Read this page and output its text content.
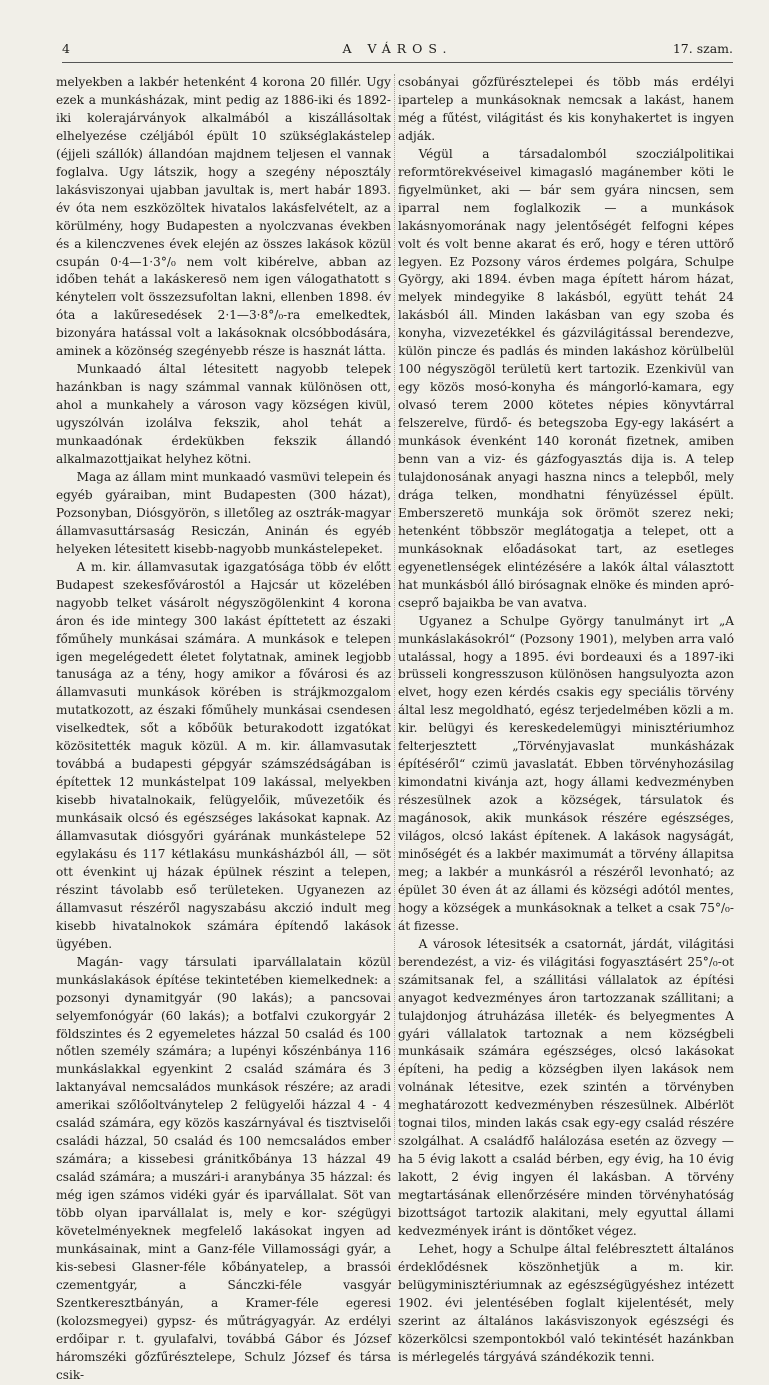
4	A VÁROS.	17. szam.

melyekben a lakbér hetenként 4 korona 20 fillér. Ugy ezek a munkásházak, mint pedig az 1886-iki és 1892-iki kolerajárványok alkalmából a kiszállásoltak elhelyezése czéljából épült 10 szükséglakástelep (éjjeli szállók) állandóan majdnem teljesen el vannak foglalva. Ugy látszik, hogy a szegény néposztály lakásviszonyai ujabban javultak is, mert habár 1893. év óta nem eszközöltek hivatalos lakásfelvételt, az a körülmény, hogy Budapesten a nyolczvanas években és a kilenczvenes évek elején az összes lakások közül csupán 0·4—1·3°/₀ nem volt kibérelve, abban az időben tehát a lakáskeresö nem igen válogathatott s kényteleп volt összezsufoltan lakni, ellenben 1898. év óta a lakűresedések 2·1—3·8°/₀-ra emelkedtek, bizonyára hatással volt a lakásoknak olcsóbbodására, aminek a közönség szegényebb része is hasznát látta.

Munkaadó által létesitett nagyobb telepek hazánkban is nagy számmal vannak különösen ott, ahol a munkahely a városon vagy községen kivül, ugyszólván izolálva fekszik, ahol tehát a munkaadónak érdekükben fekszik állandó alkalmazottjaikat helyhez kötni.

Maga az állam mint munkaadó vasmüvi telepein és egyéb gyáraiban, mint Budapesten (300 házat), Pozsonyban, Diósgyörön, s illetőleg az osztrák-magyar államvasuttársaság Resiczán, Aninán és egyéb helyeken létesitett kisebb-nagyobb munkástelepeket.

A m. kir. államvasutak igazgatósága több év előtt Budapest szekesfővárostól a Hajcsár ut közelében nagyobb telket vásárolt négyszögölenkint 4 korona áron és ide mintegy 300 lakást építtetett az északi főműhely munkásai számára. A munkások e telepen igen megelégedett életet folytatnak, aminek legjobb tanusága az a tény, hogy amikor a fővárosi és az államvasuti munkások körében is strájkmozgalom mutatkozott, az északi főműhely munkásai csendesen viselkedtek, sőt a kőbőük beturakodott izgatókat közösitették maguk közül. A m. kir. államvasutak továbbá a budapesti gépgyár számszédságában is építettek 12 munkástelpat 109 lakással, melyekben kisebb hivatalnokaik, felügyelőik, művezetőik és munkásaik olcsó és egészséges lakásokat kapnak. Az államvasutak diósgyőri gyárának munkástelepe 52 egylakásu és 117 kétlakásu munkásházból áll, — söt ott évenkint uj házak épülnek részint a telepen, részint távolabb eső területeken. Ugyanezen az államvasut részéről nagyszabásu akczió indult meg kisebb hivatalnokok számára építendő lakások ügyében.

Magán- vagy társulati iparvállalatain közül munkáslakások építése tekintetében kiemelkednek: a pozsonyi dynamitgyár (90 lakás); a pancsovai selyemfonógyár (60 lakás); a botfalvi czukorgyár 2 földszintes és 2 egyemeletes házzal 50 család és 100 nőtlen személy számára; a lupényi kőszénbánya 116 munkáslakkal egyenkint 2 család számára és 3 laktanyával nemcsaládos munkások részére; az aradi amerikai szőlőoltványtelep 2 felügyelői házzal 4 - 4 család számára, egy közös kaszárnyával és tisztviselői családi házzal, 50 család és 100 nemcsaládos ember számára; a kissebesi gránitkőbánya 13 házzal 49 család számára; a muszári-i aranybánya 35 házzal: és még igen számos vidéki gyár és iparvállalat. Söt van több olyan iparvállalat is, mely e kor- szégügyi követelményeknek megfelelő lakásokat ingyen ad munkásainak, mint a Ganz-féle Villamossági gyár, a kis-sebesi Glasner-féle kőbányatelep, a brassói czementgyár, a Sánczki-féle vasgyár Szentkeresztbányán, a Kramer-féle egeresi (kolozsmegyei) gypsz- és műtrágyagyár. Az erdélyi erdőipar r. t. gyulafalvi, továbbá Gábor és József háromszéki gőzfűrésztelepe, Schulz József és társa csik-

csobányai gőzfürésztelepei és több más erdélyi ipartelep a munkásoknak nemcsak a lakást, hanem még a fűtést, világitást és kis konyhakertet is ingyen adják.

Végül a társadalomból szocziálpolitikai reformtörekvéseivel kimagasló magánember köti le figyelmünket, aki — bár sem gyára nincsen, sem iparral nem foglalkozik — a munkások lakásnyomorának nagy jelentőségét felfogni képes volt és volt benne akarat és erő, hogy e téren uttörő legyen. Ez Pozsony város érdemes polgára, Schulpe György, aki 1894. évben maga épített három házat, melyek mindegyike 8 lakásból, együtt tehát 24 lakásból áll. Minden lakásban van egy szoba és konyha, vizvezetékkel és gázvilágitással berendezve, külön pincze és padlás és minden lakáshoz körülbelül 100 négyszögöl területü kert tartozik. Ezenkivül van egy közös mosó-konyha és mángorló-kamara, egy olvasó terem 2000 kötetes népies könyvtárral felszerelve, fürdő- és betegszoba Egy-egy lakásért a munkások évenként 140 koronát fizetnek, amiben benn van a viz- és gázfogyasztás dija is. A telep tulajdonosának anyagi haszna nincs a telepből, mely drága telken, mondhatni fényüzéssel épült. Emberszeretö munkája sok örömöt szerez neki; hetenként többször meglátogatja a telepet, ott a munkásoknak előadásokat tart, az esetleges egyenetlenségek elintézésére a lakók által választott hat munkásból álló birósagnak elnöke és minden apró-cseprő bajaikba be van avatva.

Ugyanez a Schulpe György tanulmányt irt „A munkáslakásokról“ (Pozsony 1901), melyben arra való utalással, hogy a 1895. évi bordeauxi és a 1897-iki brüsseli kongresszuson különösen hangsulyozta azon elvet, hogy ezen kérdés csakis egy speciális törvény által lesz megoldható, egész terjedelmében közli a m. kir. belügyi és kereskedelemügyi minisztériumhoz felterjesztett „Törvényjavaslat munkásházak építéséről“ czimü javaslatát. Ebben törvényhozásilag kimondatni kivánja azt, hogy állami kedvezményben részesülnek azok a községek, társulatok és magánosok, akik munkások részére egészséges, világos, olcsó lakást építenek. A lakások nagyságát, minőségét és a lakbér maximumát a törvény állapitsa meg; a lakbér a munkásról a részéről levonható; az épület 30 éven át az állami és községi adótól mentes, hogy a községek a munkásoknak a telket a csak 75°/₀-át fizesse.

A városok létesitsék a csatornát, járdát, világitási berendezést, a viz- és világitási fogyasztásért 25°/₀-ot számitsanak fel, a szállitási vállalatok az építési anyagot kedvezményes áron tartozzanak szállitani; a tulajdonjog átruházása illeték- és belyegmentes A gyári vállalatok tartoznak a nem községbeli munkásaik számára egészséges, olcsó lakásokat építeni, ha pedig a községben ilyen lakások nem volnának létesitve, ezek szintén a törvényben meghatározott kedvezményben részesülnek. Albérlöt tognai tilos, minden lakás csak egy-egy család részére szolgálhat. A családfő halálozása esetén az özvegy — ha 5 évig lakott a család bérben, egy évig, ha 10 évig lakott, 2 évig ingyen él lakásban. A törvény megtartásának ellenőrzésére minden törvényhatóság bizottságot tartozik alakitani, mely egyuttal állami kedvezmények iránt is döntőket végez.

Lehet, hogy a Schulpe által felébresztett általános érdeklődésnek köszönhetjük a m. kir. belügyminisztériumnak az egészségügyéshez intézett 1902. évi jelentésében foglalt kijelentését, mely szerint az általános lakásviszonyok egészségi és közerkölcsi szempontokból való tekintését hazánkban is mérlegelés tárgyává szándékozik tenni.
